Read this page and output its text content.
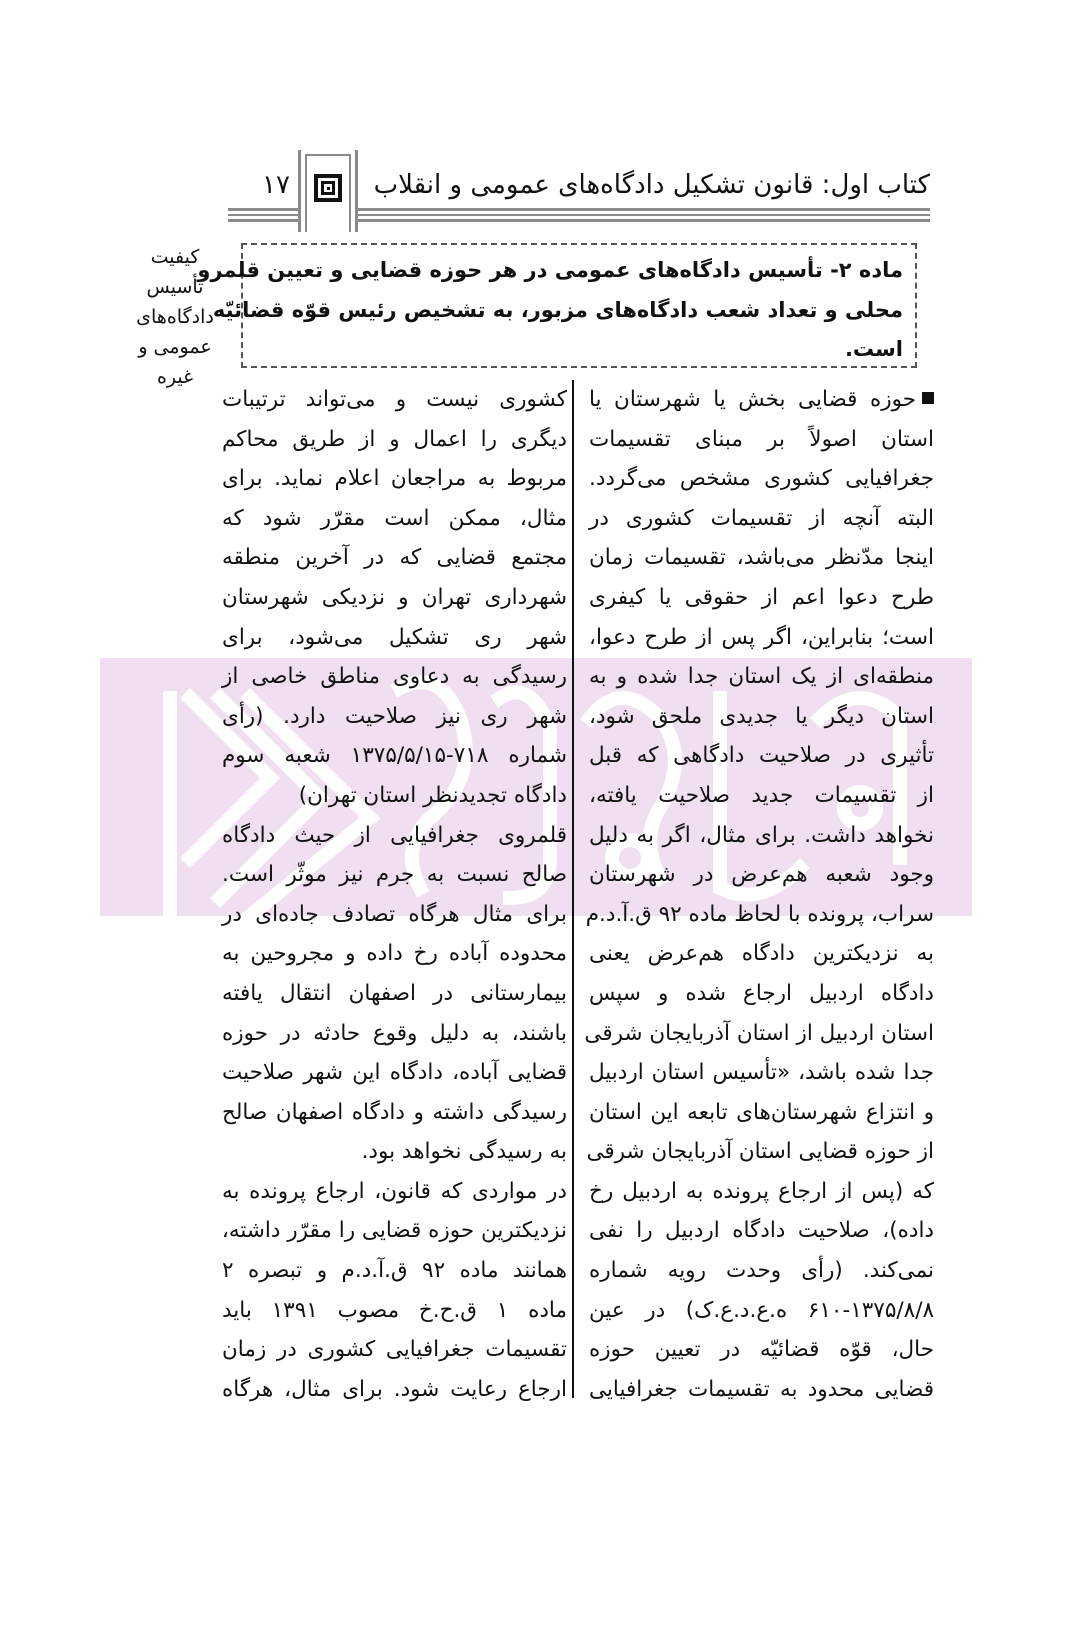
کتاب اول: قانون تشکیل دادگاه‌های عمومی و انقلاب
۱۷
کیفیت
تأسیس
دادگاه‌های
عمومی و
غیره
ماده ۲- تأسیس دادگاه‌های عمومی در هر حوزه قضایی و تعیین قلمرو
محلی و تعداد شعب دادگاه‌های مزبور، به تشخیص رئیس قوّه قضائیّه
است.
حوزه قضایی بخش یا شهرستان یا
استان اصولاً بر مبنای تقسیمات
جغرافیایی کشوری مشخص می‌گردد.
البته آنچه از تقسیمات کشوری در
اینجا مدّنظر می‌باشد، تقسیمات زمان
طرح دعوا اعم از حقوقی یا کیفری
است؛ بنابراین، اگر پس از طرح دعوا،
منطقه‌ای از یک استان جدا شده و به
استان دیگر یا جدیدی ملحق شود،
تأثیری در صلاحیت دادگاهی که قبل
از تقسیمات جدید صلاحیت یافته،
نخواهد داشت. برای مثال، اگر به دلیل
وجود شعبه هم‌عرض در شهرستان
سراب، پرونده با لحاظ ماده ۹۲ ق.آ.د.م
به نزدیکترین دادگاه هم‌عرض یعنی
دادگاه اردبیل ارجاع شده و سپس
استان اردبیل از استان آذربایجان شرقی
جدا شده باشد، «تأسیس استان اردبیل
و انتزاع شهرستان‌های تابعه این استان
از حوزه قضایی استان آذربایجان شرقی
که (پس از ارجاع پرونده به اردبیل رخ
داده)، صلاحیت دادگاه اردبیل را نفی
نمی‌کند. (رأی وحدت رویه شماره
۶۱۰-۱۳۷۵/۸/۸ ه.ع.د.ع.ک) در عین
حال، قوّه قضائیّه در تعیین حوزه
قضایی محدود به تقسیمات جغرافیایی
کشوری نیست و می‌تواند ترتیبات
دیگری را اعمال و از طریق محاکم
مربوط به مراجعان اعلام نماید. برای
مثال، ممکن است مقرّر شود که
مجتمع قضایی که در آخرین منطقه
شهرداری تهران و نزدیکی شهرستان
شهر ری تشکیل می‌شود، برای
رسیدگی به دعاوی مناطق خاصی از
شهر ری نیز صلاحیت دارد. (رأی
شماره ۷۱۸-۱۳۷۵/۵/۱۵ شعبه سوم
دادگاه تجدیدنظر استان تهران)
قلمروی جغرافیایی از حیث دادگاه
صالح نسبت به جرم نیز موثّر است.
برای مثال هرگاه تصادف جاده‌ای در
محدوده آباده رخ داده و مجروحین به
بیمارستانی در اصفهان انتقال یافته
باشند، به دلیل وقوع حادثه در حوزه
قضایی آباده، دادگاه این شهر صلاحیت
رسیدگی داشته و دادگاه اصفهان صالح
به رسیدگی نخواهد بود.
در مواردی که قانون، ارجاع پرونده به
نزدیکترین حوزه قضایی را مقرّر داشته،
همانند ماده ۹۲ ق.آ.د.م و تبصره ۲
ماده ۱ ق.ح.خ مصوب ۱۳۹۱ باید
تقسیمات جغرافیایی کشوری در زمان
ارجاع رعایت شود. برای مثال، هرگاه
